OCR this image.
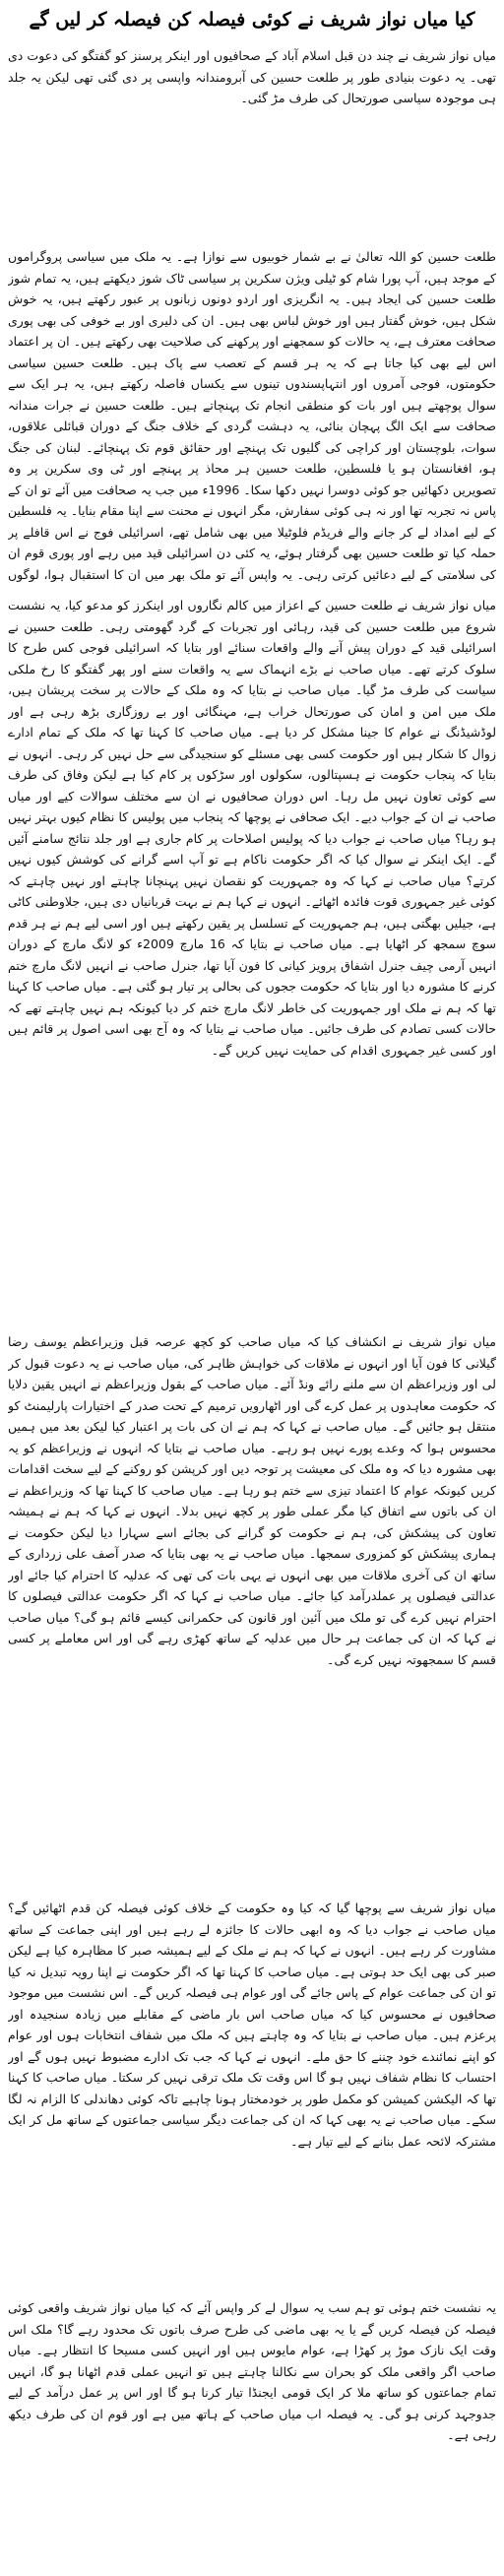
کیا میاں نواز شریف نے کوئی فیصلہ کن فیصلہ کر لیں گے

میاں نواز شریف نے چند دن قبل اسلام آباد کے صحافیوں اور اینکر پرسنز کو گفتگو کی دعوت دی تھی۔ یہ دعوت بنیادی طور پر طلعت حسین کی آبرومندانہ واپسی پر دی گئی تھی لیکن یہ جلد ہی موجودہ سیاسی صورتحال کی طرف مڑ گئی۔

طلعت حسین کو اللہ تعالیٰ نے بے شمار خوبیوں سے نوازا ہے۔ یہ ملک میں سیاسی پروگراموں کے موجد ہیں، آپ پورا شام کو ٹیلی ویژن سکرین پر سیاسی ٹاک شوز دیکھتے ہیں، یہ تمام شوز طلعت حسین کی ایجاد ہیں۔ یہ انگریزی اور اردو دونوں زبانوں پر عبور رکھتے ہیں، یہ خوش شکل ہیں، خوش گفتار ہیں اور خوش لباس بھی ہیں۔ ان کی دلیری اور بے خوفی کی بھی پوری صحافت معترف ہے، یہ حالات کو سمجھنے اور پرکھنے کی صلاحیت بھی رکھتے ہیں۔ ان پر اعتماد اس لیے بھی کیا جاتا ہے کہ یہ ہر قسم کے تعصب سے پاک ہیں۔ طلعت حسین سیاسی حکومتوں، فوجی آمروں اور انتہاپسندوں تینوں سے یکساں فاصلہ رکھتے ہیں، یہ ہر ایک سے سوال پوچھتے ہیں اور بات کو منطقی انجام تک پہنچاتے ہیں۔ طلعت حسین نے جرات مندانہ صحافت سے ایک الگ پہچان بنائی، یہ دہشت گردی کے خلاف جنگ کے دوران قبائلی علاقوں، سوات، بلوچستان اور کراچی کی گلیوں تک پہنچے اور حقائق قوم تک پہنچائے۔ لبنان کی جنگ ہو، افغانستان ہو یا فلسطین، طلعت حسین ہر محاذ پر پہنچے اور ٹی وی سکرین پر وہ تصویریں دکھائیں جو کوئی دوسرا نہیں دکھا سکا۔ 1996ء میں جب یہ صحافت میں آئے تو ان کے پاس نہ تجربہ تھا اور نہ ہی کوئی سفارش، مگر انہوں نے محنت سے اپنا مقام بنایا۔ یہ فلسطین کے لیے امداد لے کر جانے والے فریڈم فلوٹیلا میں بھی شامل تھے، اسرائیلی فوج نے اس قافلے پر حملہ کیا تو طلعت حسین بھی گرفتار ہوئے، یہ کئی دن اسرائیلی قید میں رہے اور پوری قوم ان کی سلامتی کے لیے دعائیں کرتی رہی۔ یہ واپس آئے تو ملک بھر میں ان کا استقبال ہوا، لوگوں

میاں نواز شریف نے طلعت حسین کے اعزاز میں کالم نگاروں اور اینکرز کو مدعو کیا، یہ نشست شروع میں طلعت حسین کی قید، رہائی اور تجربات کے گرد گھومتی رہی۔ طلعت حسین نے اسرائیلی قید کے دوران پیش آنے والے واقعات سنائے اور بتایا کہ اسرائیلی فوجی کس طرح کا سلوک کرتے تھے۔ میاں صاحب نے بڑے انہماک سے یہ واقعات سنے اور پھر گفتگو کا رخ ملکی سیاست کی طرف مڑ گیا۔ میاں صاحب نے بتایا کہ وہ ملک کے حالات پر سخت پریشان ہیں، ملک میں امن و امان کی صورتحال خراب ہے، مہنگائی اور بے روزگاری بڑھ رہی ہے اور لوڈشیڈنگ نے عوام کا جینا مشکل کر دیا ہے۔ میاں صاحب کا کہنا تھا کہ ملک کے تمام ادارے زوال کا شکار ہیں اور حکومت کسی بھی مسئلے کو سنجیدگی سے حل نہیں کر رہی۔ انہوں نے بتایا کہ پنجاب حکومت نے ہسپتالوں، سکولوں اور سڑکوں پر کام کیا ہے لیکن وفاق کی طرف سے کوئی تعاون نہیں مل رہا۔ اس دوران صحافیوں نے ان سے مختلف سوالات کیے اور میاں صاحب نے ان کے جواب دیے۔ ایک صحافی نے پوچھا کہ پنجاب میں پولیس کا نظام کیوں بہتر نہیں ہو رہا؟ میاں صاحب نے جواب دیا کہ پولیس اصلاحات پر کام جاری ہے اور جلد نتائج سامنے آئیں گے۔ ایک اینکر نے سوال کیا کہ اگر حکومت ناکام ہے تو آپ اسے گرانے کی کوشش کیوں نہیں کرتے؟ میاں صاحب نے کہا کہ وہ جمہوریت کو نقصان نہیں پہنچانا چاہتے اور نہیں چاہتے کہ کوئی غیر جمہوری قوت فائدہ اٹھائے۔ انہوں نے کہا ہم نے بہت قربانیاں دی ہیں، جلاوطنی کاٹی ہے، جیلیں بھگتی ہیں، ہم جمہوریت کے تسلسل پر یقین رکھتے ہیں اور اسی لیے ہم نے ہر قدم سوچ سمجھ کر اٹھایا ہے۔ میاں صاحب نے بتایا کہ 16 مارچ 2009ء کو لانگ مارچ کے دوران انہیں آرمی چیف جنرل اشفاق پرویز کیانی کا فون آیا تھا، جنرل صاحب نے انہیں لانگ مارچ ختم کرنے کا مشورہ دیا اور بتایا کہ حکومت ججوں کی بحالی پر تیار ہو گئی ہے۔ میاں صاحب کا کہنا تھا کہ ہم نے ملک اور جمہوریت کی خاطر لانگ مارچ ختم کر دیا کیونکہ ہم نہیں چاہتے تھے کہ حالات کسی تصادم کی طرف جائیں۔ میاں صاحب نے بتایا کہ وہ آج بھی اسی اصول پر قائم ہیں اور کسی غیر جمہوری اقدام کی حمایت نہیں کریں گے۔

میاں نواز شریف نے انکشاف کیا کہ میاں صاحب کو کچھ عرصہ قبل وزیراعظم یوسف رضا گیلانی کا فون آیا اور انہوں نے ملاقات کی خواہش ظاہر کی، میاں صاحب نے یہ دعوت قبول کر لی اور وزیراعظم ان سے ملنے رائے ونڈ آئے۔ میاں صاحب کے بقول وزیراعظم نے انہیں یقین دلایا کہ حکومت معاہدوں پر عمل کرے گی اور اٹھارویں ترمیم کے تحت صدر کے اختیارات پارلیمنٹ کو منتقل ہو جائیں گے۔ میاں صاحب نے کہا کہ ہم نے ان کی بات پر اعتبار کیا لیکن بعد میں ہمیں محسوس ہوا کہ وعدے پورے نہیں ہو رہے۔ میاں صاحب نے بتایا کہ انہوں نے وزیراعظم کو یہ بھی مشورہ دیا کہ وہ ملک کی معیشت پر توجہ دیں اور کرپشن کو روکنے کے لیے سخت اقدامات کریں کیونکہ عوام کا اعتماد تیزی سے ختم ہو رہا ہے۔ میاں صاحب کا کہنا تھا کہ وزیراعظم نے ان کی باتوں سے اتفاق کیا مگر عملی طور پر کچھ نہیں بدلا۔ انہوں نے کہا کہ ہم نے ہمیشہ تعاون کی پیشکش کی، ہم نے حکومت کو گرانے کی بجائے اسے سہارا دیا لیکن حکومت نے ہماری پیشکش کو کمزوری سمجھا۔ میاں صاحب نے یہ بھی بتایا کہ صدر آصف علی زرداری کے ساتھ ان کی آخری ملاقات میں بھی انہوں نے یہی بات کی تھی کہ عدلیہ کا احترام کیا جائے اور عدالتی فیصلوں پر عملدرآمد کیا جائے۔ میاں صاحب نے کہا کہ اگر حکومت عدالتی فیصلوں کا احترام نہیں کرے گی تو ملک میں آئین اور قانون کی حکمرانی کیسے قائم ہو گی؟ میاں صاحب نے کہا کہ ان کی جماعت ہر حال میں عدلیہ کے ساتھ کھڑی رہے گی اور اس معاملے پر کسی قسم کا سمجھوتہ نہیں کرے گی۔

میاں نواز شریف سے پوچھا گیا کہ کیا وہ حکومت کے خلاف کوئی فیصلہ کن قدم اٹھائیں گے؟ میاں صاحب نے جواب دیا کہ وہ ابھی حالات کا جائزہ لے رہے ہیں اور اپنی جماعت کے ساتھ مشاورت کر رہے ہیں۔ انہوں نے کہا کہ ہم نے ملک کے لیے ہمیشہ صبر کا مظاہرہ کیا ہے لیکن صبر کی بھی ایک حد ہوتی ہے۔ میاں صاحب کا کہنا تھا کہ اگر حکومت نے اپنا رویہ تبدیل نہ کیا تو ان کی جماعت عوام کے پاس جائے گی اور عوام ہی فیصلہ کریں گے۔ اس نشست میں موجود صحافیوں نے محسوس کیا کہ میاں صاحب اس بار ماضی کے مقابلے میں زیادہ سنجیدہ اور پرعزم ہیں۔ میاں صاحب نے بتایا کہ وہ چاہتے ہیں کہ ملک میں شفاف انتخابات ہوں اور عوام کو اپنے نمائندے خود چننے کا حق ملے۔ انہوں نے کہا کہ جب تک ادارے مضبوط نہیں ہوں گے اور احتساب کا نظام شفاف نہیں ہو گا اس وقت تک ملک ترقی نہیں کر سکتا۔ میاں صاحب کا کہنا تھا کہ الیکشن کمیشن کو مکمل طور پر خودمختار ہونا چاہیے تاکہ کوئی دھاندلی کا الزام نہ لگا سکے۔ میاں صاحب نے یہ بھی کہا کہ ان کی جماعت دیگر سیاسی جماعتوں کے ساتھ مل کر ایک مشترکہ لائحہ عمل بنانے کے لیے تیار ہے۔

یہ نشست ختم ہوئی تو ہم سب یہ سوال لے کر واپس آئے کہ کیا میاں نواز شریف واقعی کوئی فیصلہ کن فیصلہ کریں گے یا یہ بھی ماضی کی طرح صرف باتوں تک محدود رہے گا؟ ملک اس وقت ایک نازک موڑ پر کھڑا ہے، عوام مایوس ہیں اور انہیں کسی مسیحا کا انتظار ہے۔ میاں صاحب اگر واقعی ملک کو بحران سے نکالنا چاہتے ہیں تو انہیں عملی قدم اٹھانا ہو گا، انہیں تمام جماعتوں کو ساتھ ملا کر ایک قومی ایجنڈا تیار کرنا ہو گا اور اس پر عمل درآمد کے لیے جدوجہد کرنی ہو گی۔ یہ فیصلہ اب میاں صاحب کے ہاتھ میں ہے اور قوم ان کی طرف دیکھ رہی ہے۔
